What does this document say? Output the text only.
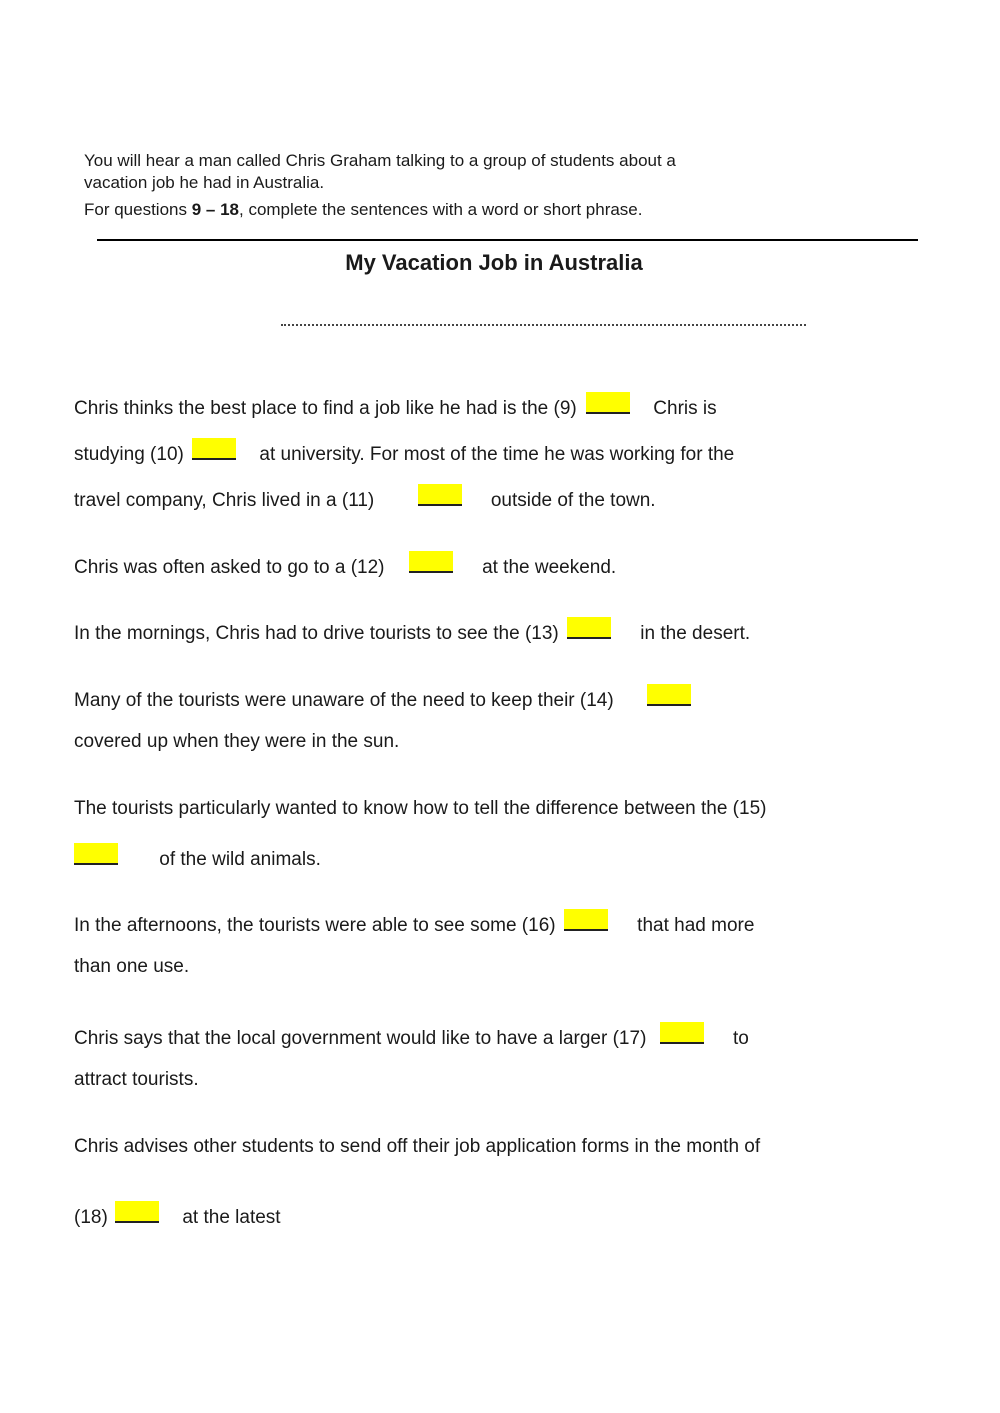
You will hear a man called Chris Graham talking to a group of students about a

vacation job he had in Australia.

For questions 9 – 18, complete the sentences with a word or short phrase.

My Vacation Job in Australia
Chris thinks the best place to find a job like he had is the (9)	Chris is
studying (10)	at university. For most of the time he was working for the
travel company, Chris lived in a (11)	outside of the town.
Chris was often asked to go to a (12)	at the weekend.
In the mornings, Chris had to drive tourists to see the (13)	in the desert.
Many of the tourists were unaware of the need to keep their (14)
covered up when they were in the sun.
The tourists particularly wanted to know how to tell the difference between the (15)
of the wild animals.
In the afternoons, the tourists were able to see some (16)	that had more
than one use.
Chris says that the local government would like to have a larger (17)	to
attract tourists.
Chris advises other students to send off their job application forms in the month of
(18)	at the latest
